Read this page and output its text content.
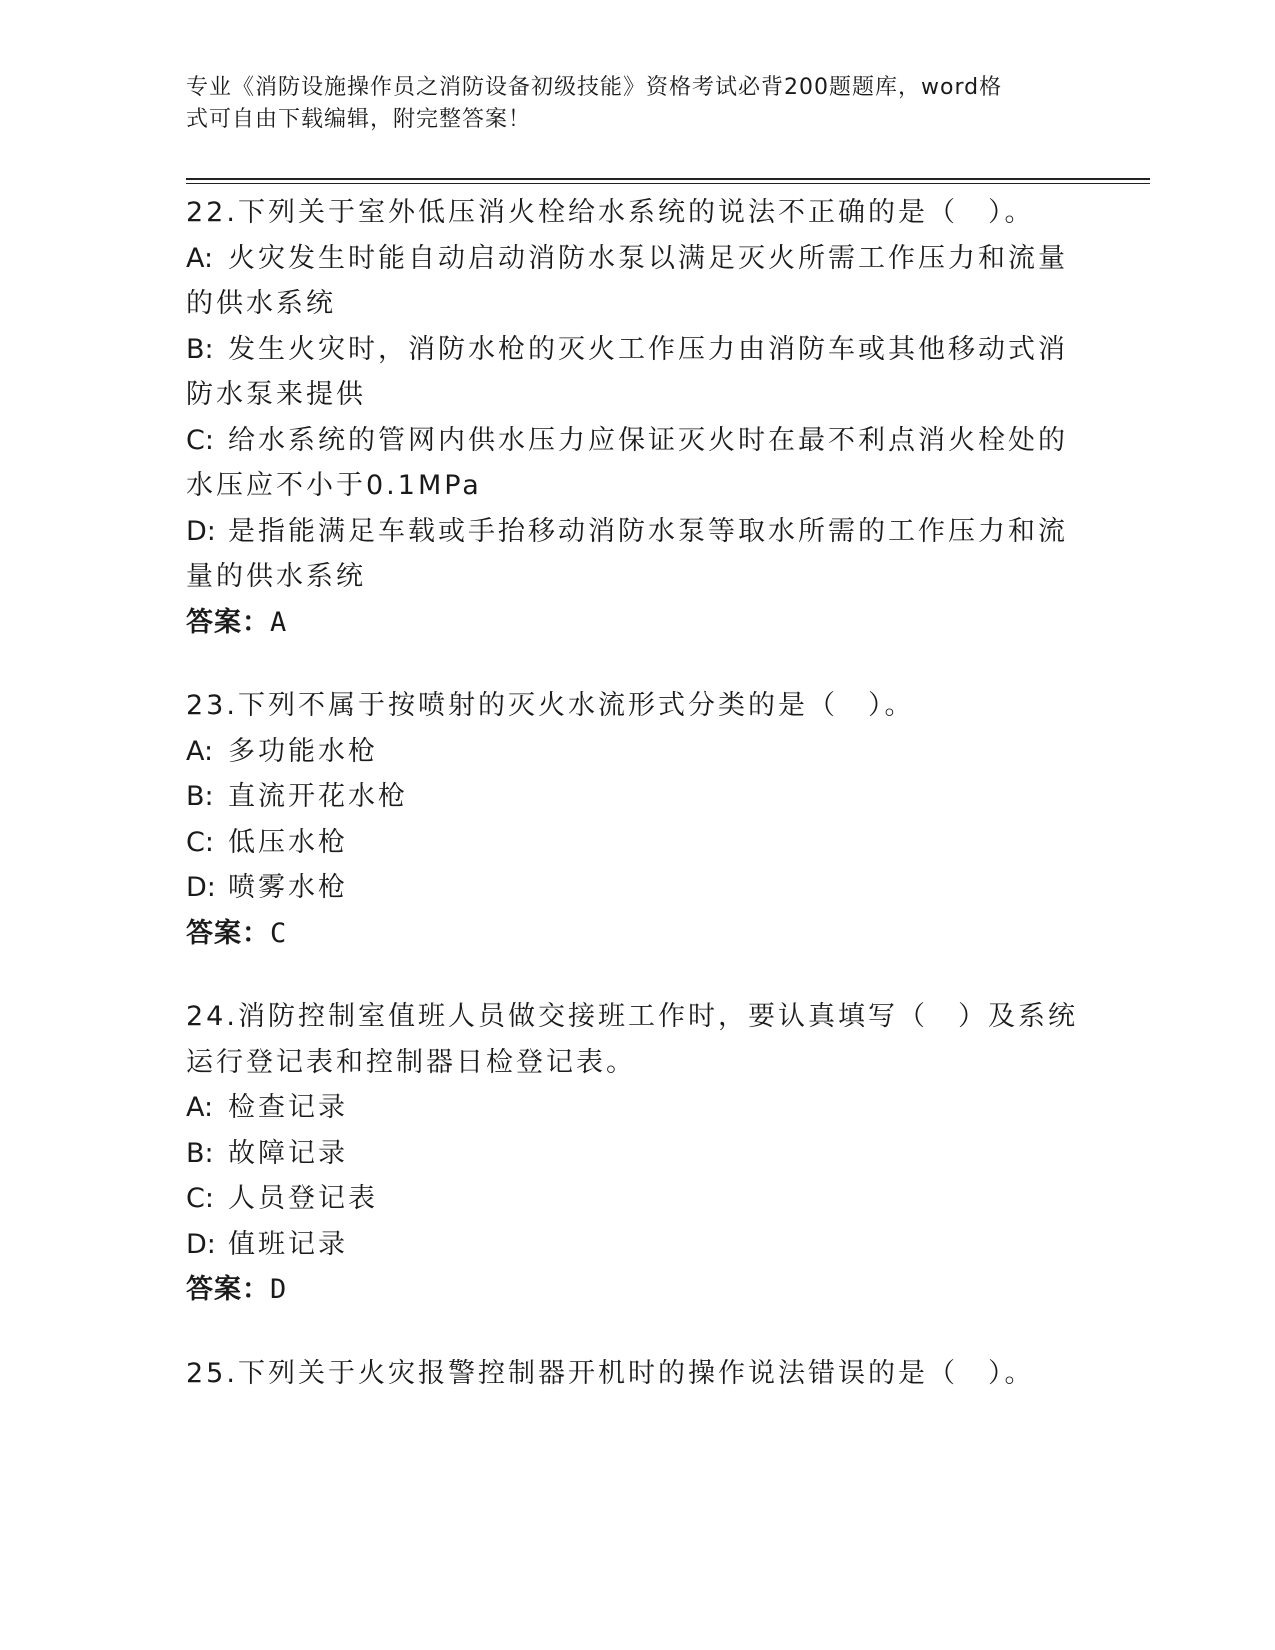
专业《消防设施操作员之消防设备初级技能》资格考试必背200题题库，word格
式可自由下载编辑，附完整答案！

22.下列关于室外低压消火栓给水系统的说法不正确的是（　）。

A: 火灾发生时能自动启动消防水泵以满足灭火所需工作压力和流量的供水系统

B: 发生火灾时，消防水枪的灭火工作压力由消防车或其他移动式消防水泵来提供

C: 给水系统的管网内供水压力应保证灭火时在最不利点消火栓处的水压应不小于0.1MPa

D: 是指能满足车载或手抬移动消防水泵等取水所需的工作压力和流量的供水系统

答案：A

23.下列不属于按喷射的灭火水流形式分类的是（　）。

A: 多功能水枪

B: 直流开花水枪

C: 低压水枪

D: 喷雾水枪

答案：C

24.消防控制室值班人员做交接班工作时，要认真填写（　）及系统运行登记表和控制器日检登记表。

A: 检查记录

B: 故障记录

C: 人员登记表

D: 值班记录

答案：D

25.下列关于火灾报警控制器开机时的操作说法错误的是（　）。
